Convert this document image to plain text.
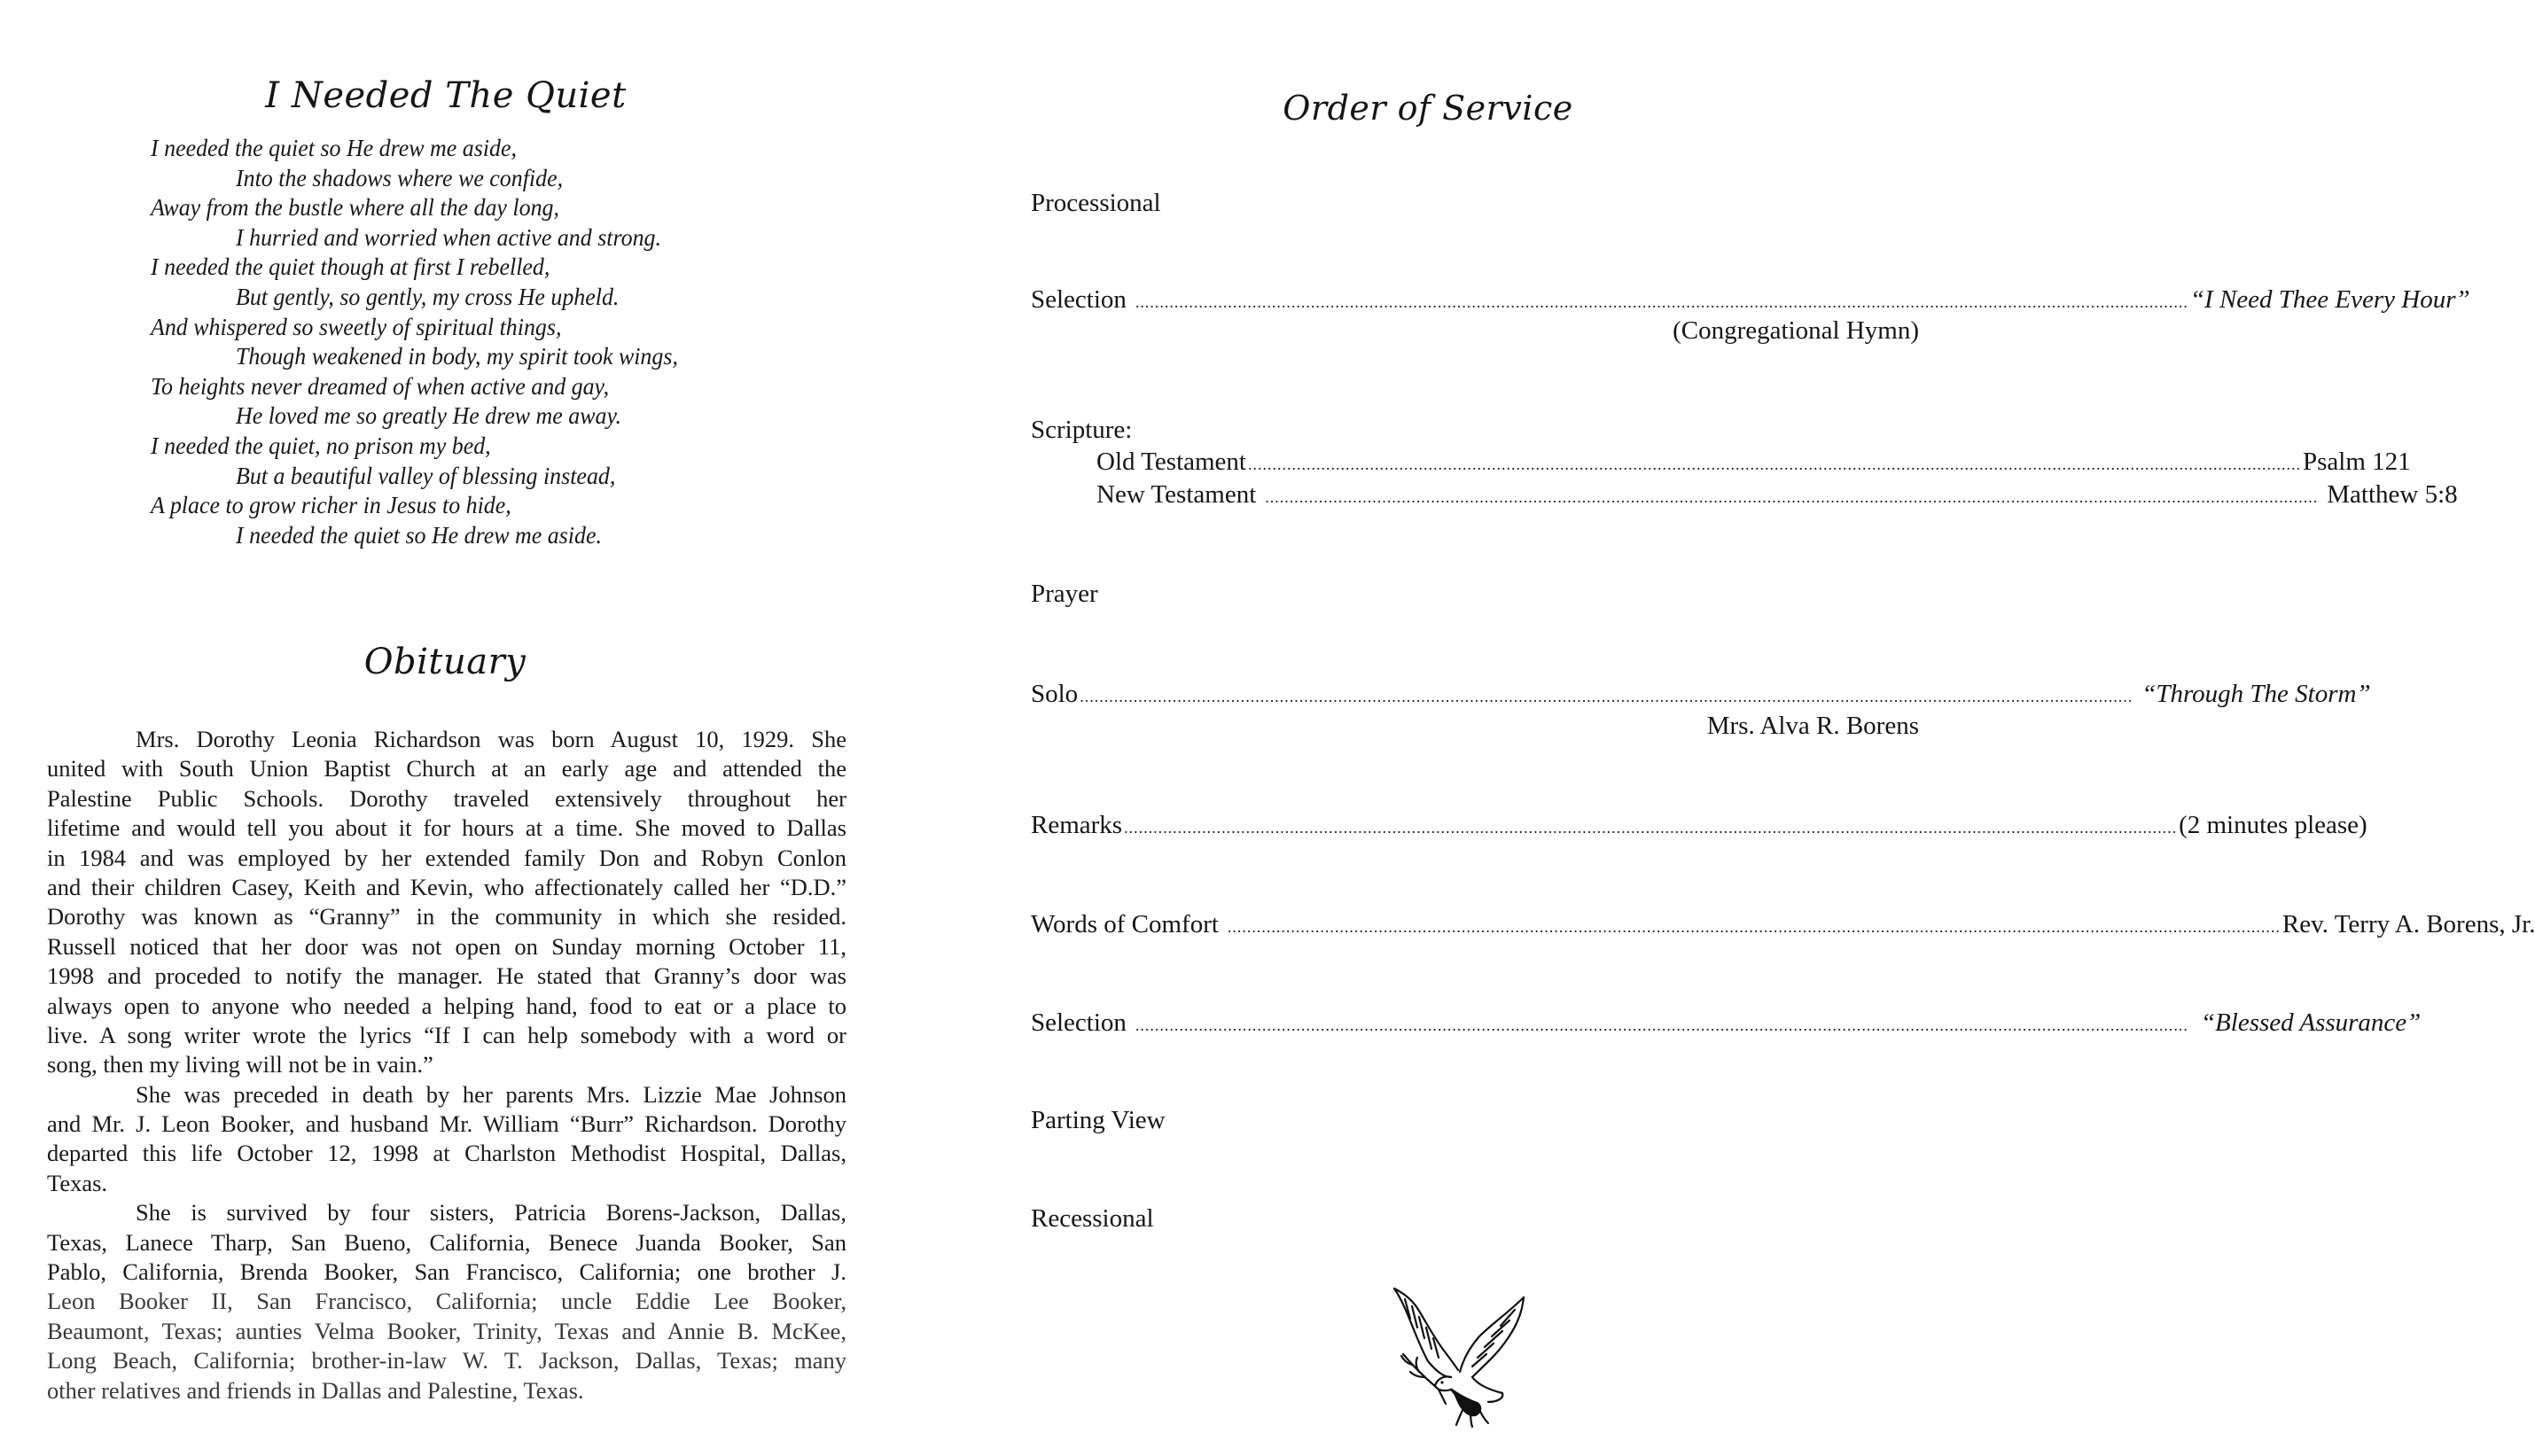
I Needed The Quiet
I needed the quiet so He drew me aside,
Into the shadows where we confide,
Away from the bustle where all the day long,
I hurried and worried when active and strong.
I needed the quiet though at first I rebelled,
But gently, so gently, my cross He upheld.
And whispered so sweetly of spiritual things,
Though weakened in body, my spirit took wings,
To heights never dreamed of when active and gay,
He loved me so greatly He drew me away.
I needed the quiet, no prison my bed,
But a beautiful valley of blessing instead,
A place to grow richer in Jesus to hide,
I needed the quiet so He drew me aside.
Obituary
Mrs. Dorothy Leonia Richardson was born August 10, 1929. She
united with South Union Baptist Church at an early age and attended the
Palestine Public Schools. Dorothy traveled extensively throughout her
lifetime and would tell you about it for hours at a time. She moved to Dallas
in 1984 and was employed by her extended family Don and Robyn Conlon
and their children Casey, Keith and Kevin, who affectionately called her “D.D.”
Dorothy was known as “Granny” in the community in which she resided.
Russell noticed that her door was not open on Sunday morning October 11,
1998 and proceded to notify the manager. He stated that Granny’s door was
always open to anyone who needed a helping hand, food to eat or a place to
live. A song writer wrote the lyrics “If I can help somebody with a word or
song, then my living will not be in vain.”
She was preceded in death by her parents Mrs. Lizzie Mae Johnson
and Mr. J. Leon Booker, and husband Mr. William “Burr” Richardson. Dorothy
departed this life October 12, 1998 at Charlston Methodist Hospital, Dallas,
Texas.
She is survived by four sisters, Patricia Borens-Jackson, Dallas,
Texas, Lanece Tharp, San Bueno, California, Benece Juanda Booker, San
Pablo, California, Brenda Booker, San Francisco, California; one brother J.
Leon Booker II, San Francisco, California; uncle Eddie Lee Booker,
Beaumont, Texas; aunties Velma Booker, Trinity, Texas and Annie B. McKee,
Long Beach, California; brother-in-law W. T. Jackson, Dallas, Texas; many
other relatives and friends in Dallas and Palestine, Texas.
Order of Service
Processional
Selection .....	“I Need Thee Every Hour”
(Congregational Hymn)
Scripture:
Old Testament .....	Psalm 121
New Testament .....	Matthew 5:8
Prayer
Solo .....	“Through The Storm”
Mrs. Alva R. Borens
Remarks .....	(2 minutes please)
Words of Comfort .....	Rev. Terry A. Borens, Jr.
Selection .....	“Blessed Assurance”
Parting View
Recessional
